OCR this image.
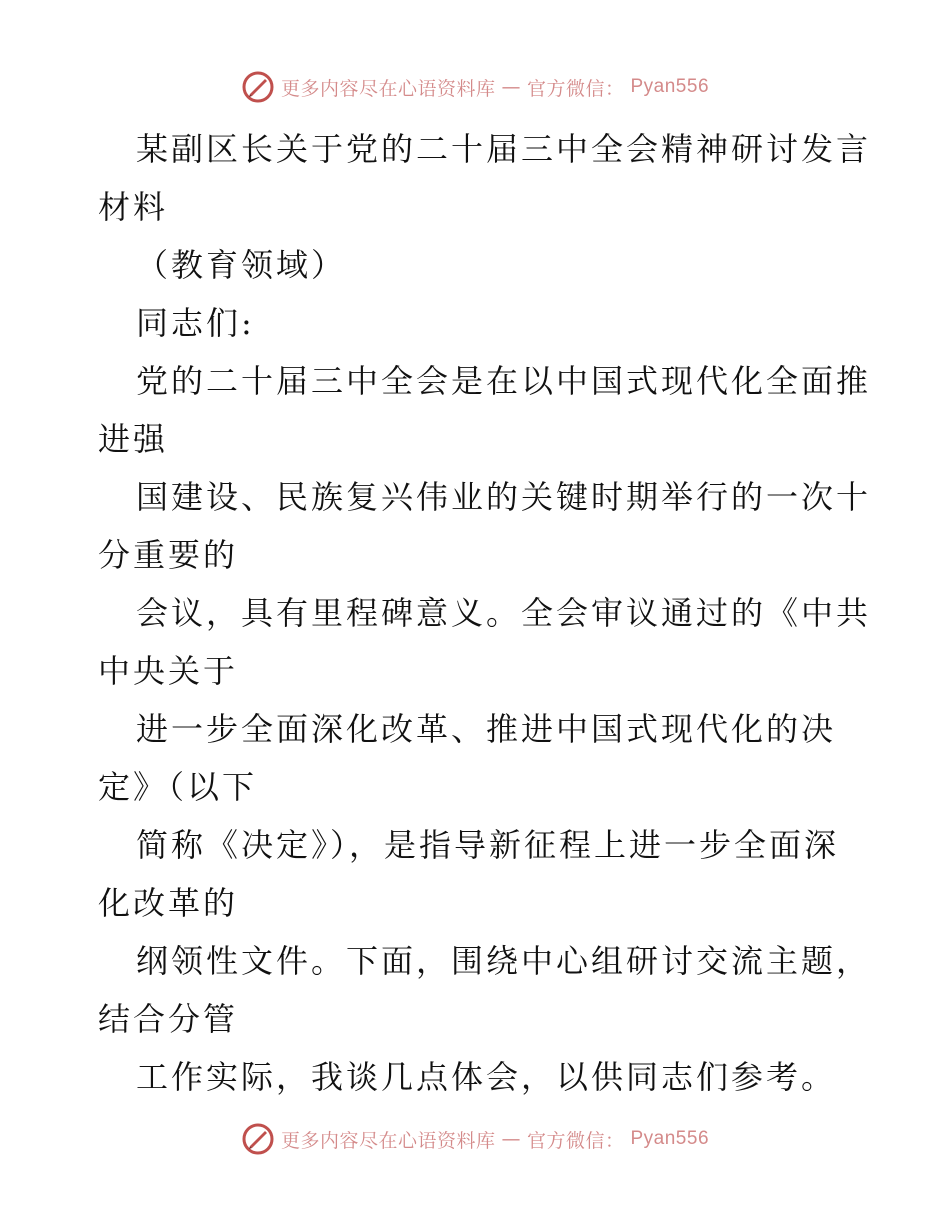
更多内容尽在心语资料库 — 官方微信： Pyan556
某副区长关于党的二十届三中全会精神研讨发言
材料
（教育领域）
同志们:
党的二十届三中全会是在以中国式现代化全面推
进强
国建设、民族复兴伟业的关键时期举行的一次十
分重要的
会议，具有里程碑意义。全会审议通过的《中共
中央关于
进一步全面深化改革、推进中国式现代化的决
定》（以下
简称《决定》），是指导新征程上进一步全面深
化改革的
纲领性文件。下面，围绕中心组研讨交流主题，
结合分管
工作实际，我谈几点体会，以供同志们参考。
更多内容尽在心语资料库 — 官方微信： Pyan556
